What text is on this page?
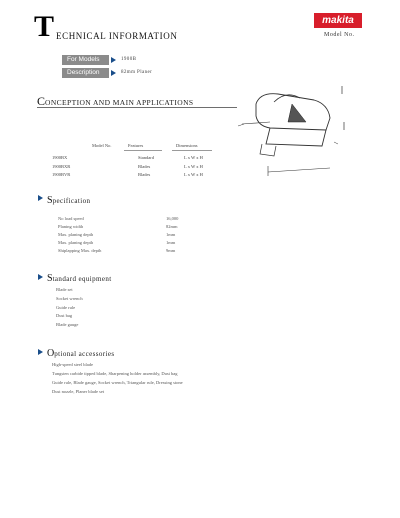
T ECHNICAL INFORMATION
makita
Model No.
For Models	1900B
Description	82mm Planer
CONCEPTION AND MAIN APPLICATIONS
Model No.	Features	Dimensions
1900BX	Standard	L x W x H
1900BXR	Blades	L x W x H
1900BVR	Blades	L x W x H
Specification
No load speed	16,000
Planing width	82mm
Max. planing depth	1mm
Max. planing depth	1mm
Shiplapping Max. depth	9mm
Standard equipment
Blade set
Socket wrench
Guide rule
Dust bag
Blade gauge
Optional accessories
High-speed steel blade
Tungsten carbide tipped blade, Sharpening holder assembly, Dust bag
Guide rule, Blade gauge, Socket wrench, Triangular rule, Dressing stone
Dust nozzle, Planer blade set
